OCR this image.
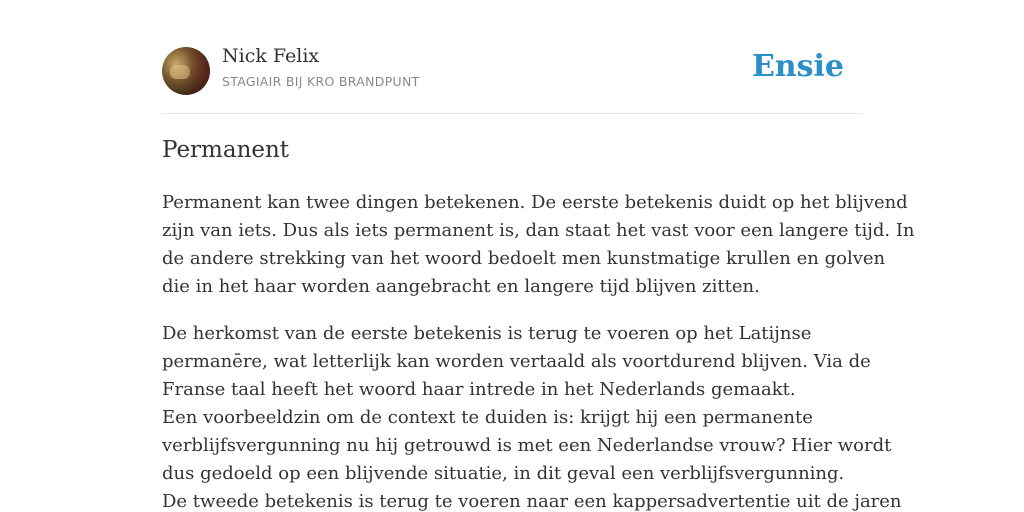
Nick Felix
STAGIAIR BIJ KRO BRANDPUNT	Ensie
Permanent
Permanent kan twee dingen betekenen. De eerste betekenis duidt op het blijvend
zijn van iets. Dus als iets permanent is, dan staat het vast voor een langere tijd. In
de andere strekking van het woord bedoelt men kunstmatige krullen en golven
die in het haar worden aangebracht en langere tijd blijven zitten.
De herkomst van de eerste betekenis is terug te voeren op het Latijnse
permanēre, wat letterlijk kan worden vertaald als voortdurend blijven. Via de
Franse taal heeft het woord haar intrede in het Nederlands gemaakt.
Een voorbeeldzin om de context te duiden is: krijgt hij een permanente
verblijfsvergunning nu hij getrouwd is met een Nederlandse vrouw? Hier wordt
dus gedoeld op een blijvende situatie, in dit geval een verblijfsvergunning.
De tweede betekenis is terug te voeren naar een kappersadvertentie uit de jaren
